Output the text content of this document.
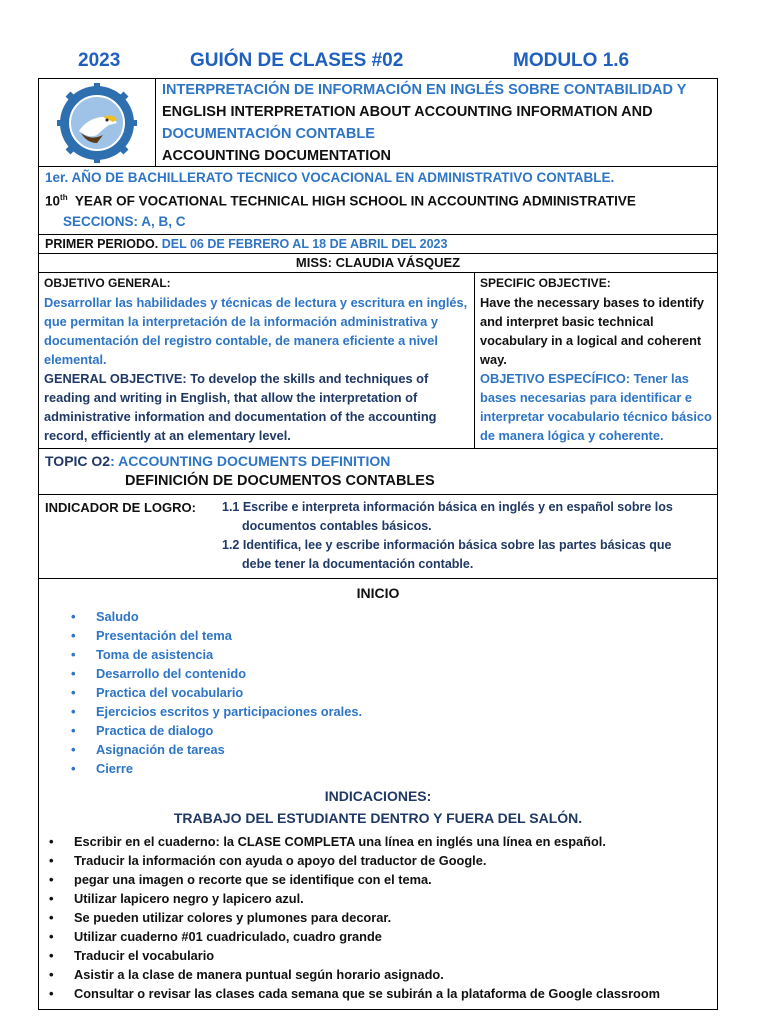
2023	GUIÓN DE CLASES #02	MODULO 1.6
INTERPRETACIÓN DE INFORMACIÓN EN INGLÉS SOBRE CONTABILIDAD Y
ENGLISH INTERPRETATION ABOUT ACCOUNTING INFORMATION AND
DOCUMENTACIÓN CONTABLE
ACCOUNTING DOCUMENTATION
1er. AÑO DE BACHILLERATO TECNICO VOCACIONAL EN ADMINISTRATIVO CONTABLE.
10th YEAR OF VOCATIONAL TECHNICAL HIGH SCHOOL IN ACCOUNTING ADMINISTRATIVE
SECCIONS: A, B, C
PRIMER PERIODO. DEL 06 DE FEBRERO AL 18 DE ABRIL DEL 2023
MISS: CLAUDIA VÁSQUEZ
OBJETIVO GENERAL:
Desarrollar las habilidades y técnicas de lectura y escritura en inglés, que permitan la interpretación de la información administrativa y documentación del registro contable, de manera eficiente a nivel elemental.
GENERAL OBJECTIVE: To develop the skills and techniques of reading and writing in English, that allow the interpretation of administrative information and documentation of the accounting record, efficiently at an elementary level.
SPECIFIC OBJECTIVE:
Have the necessary bases to identify and interpret basic technical vocabulary in a logical and coherent way.
OBJETIVO ESPECÍFICO: Tener las bases necesarias para identificar e interpretar vocabulario técnico básico de manera lógica y coherente.
TOPIC O2: ACCOUNTING DOCUMENTS DEFINITION
DEFINICIÓN DE DOCUMENTOS CONTABLES
INDICADOR DE LOGRO:	1.1 Escribe e interpreta información básica en inglés y en español sobre los
documentos contables básicos.
1.2 Identifica, lee y escribe información básica sobre las partes básicas que
debe tener la documentación contable.
INICIO
• Saludo
• Presentación del tema
• Toma de asistencia
• Desarrollo del contenido
• Practica del vocabulario
• Ejercicios escritos y participaciones orales.
• Practica de dialogo
• Asignación de tareas
• Cierre
INDICACIONES:
TRABAJO DEL ESTUDIANTE DENTRO Y FUERA DEL SALÓN.
• Escribir en el cuaderno: la CLASE COMPLETA una línea en inglés una línea en español.
• Traducir la información con ayuda o apoyo del traductor de Google.
• pegar una imagen o recorte que se identifique con el tema.
• Utilizar lapicero negro y lapicero azul.
• Se pueden utilizar colores y plumones para decorar.
• Utilizar cuaderno #01 cuadriculado, cuadro grande
• Traducir el vocabulario
• Asistir a la clase de manera puntual según horario asignado.
• Consultar o revisar las clases cada semana que se subirán a la plataforma de Google classroom
